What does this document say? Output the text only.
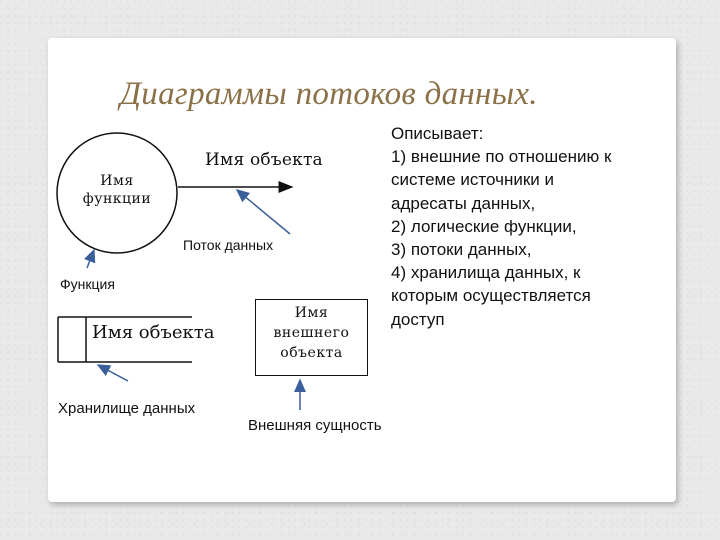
Диаграммы потоков данных.
Имя
функции
Функция
Имя объекта
Поток данных
Имя объекта
Хранилище данных
Имя
внешнего
объекта
Внешняя сущность
Описывает:
1) внешние по отношению к
системе источники и
адресаты данных,
2) логические функции,
3) потоки данных,
4) хранилища данных, к
которым осуществляется
доступ
